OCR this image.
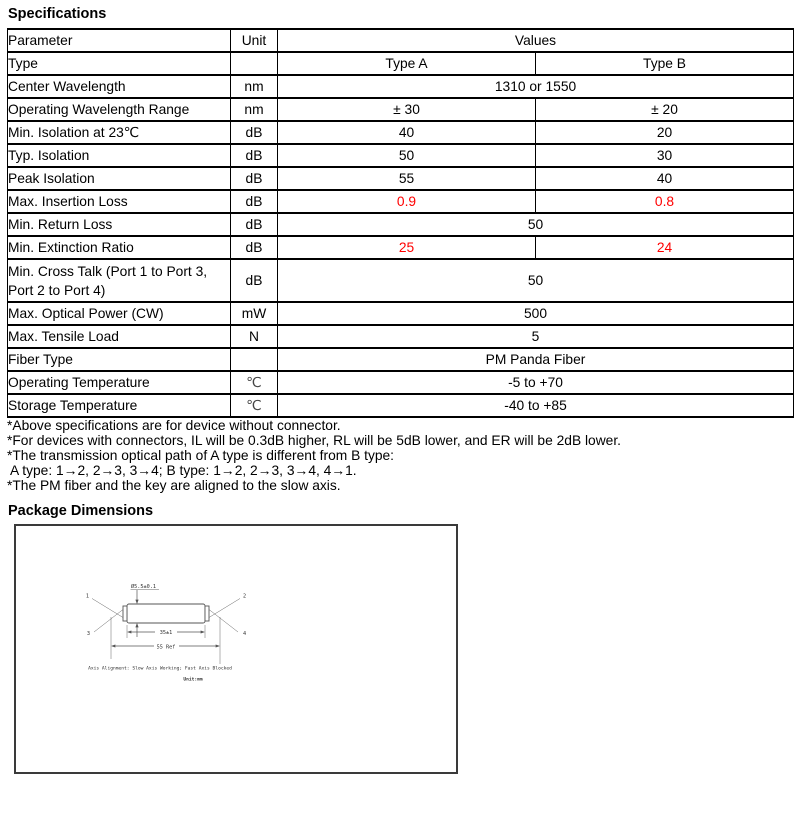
Specifications
Parameter	Unit	Values	
Type		Type A	Type B
Center Wavelength	nm	1310 or 1550	
Operating Wavelength Range	nm	± 30	± 20
Min. Isolation at 23℃	dB	40	20
Typ. Isolation	dB	50	30
Peak Isolation	dB	55	40
Max. Insertion Loss	dB	0.9	0.8
Min. Return Loss	dB	50	
Min. Extinction Ratio	dB	25	24

Min. Cross Talk (Port 1 to Port 3,
Port 2 to Port 4)	dB	50	
Max. Optical Power (CW)	mW	500	
Max. Tensile Load	N	5	
Fiber Type		PM Panda Fiber	
Operating Temperature	℃	-5 to +70	
Storage Temperature	℃	-40 to +85	

*Above specifications are for device without connector.

*For devices with connectors, IL will be 0.3dB higher, RL will be 5dB lower, and ER will be 2dB lower.

*The transmission optical path of A type is different from B type:

A type: 1→2, 2→3, 3→4; B type: 1→2, 2→3, 3→4, 4→1.

*The PM fiber and the key are aligned to the slow axis.

Package Dimensions
Ø5.5±0.1
35±1
55 Ref
1
3
2
4
Axis Alignment: Slow Axis Working; Fast Axis Blocked
Unit:mm
